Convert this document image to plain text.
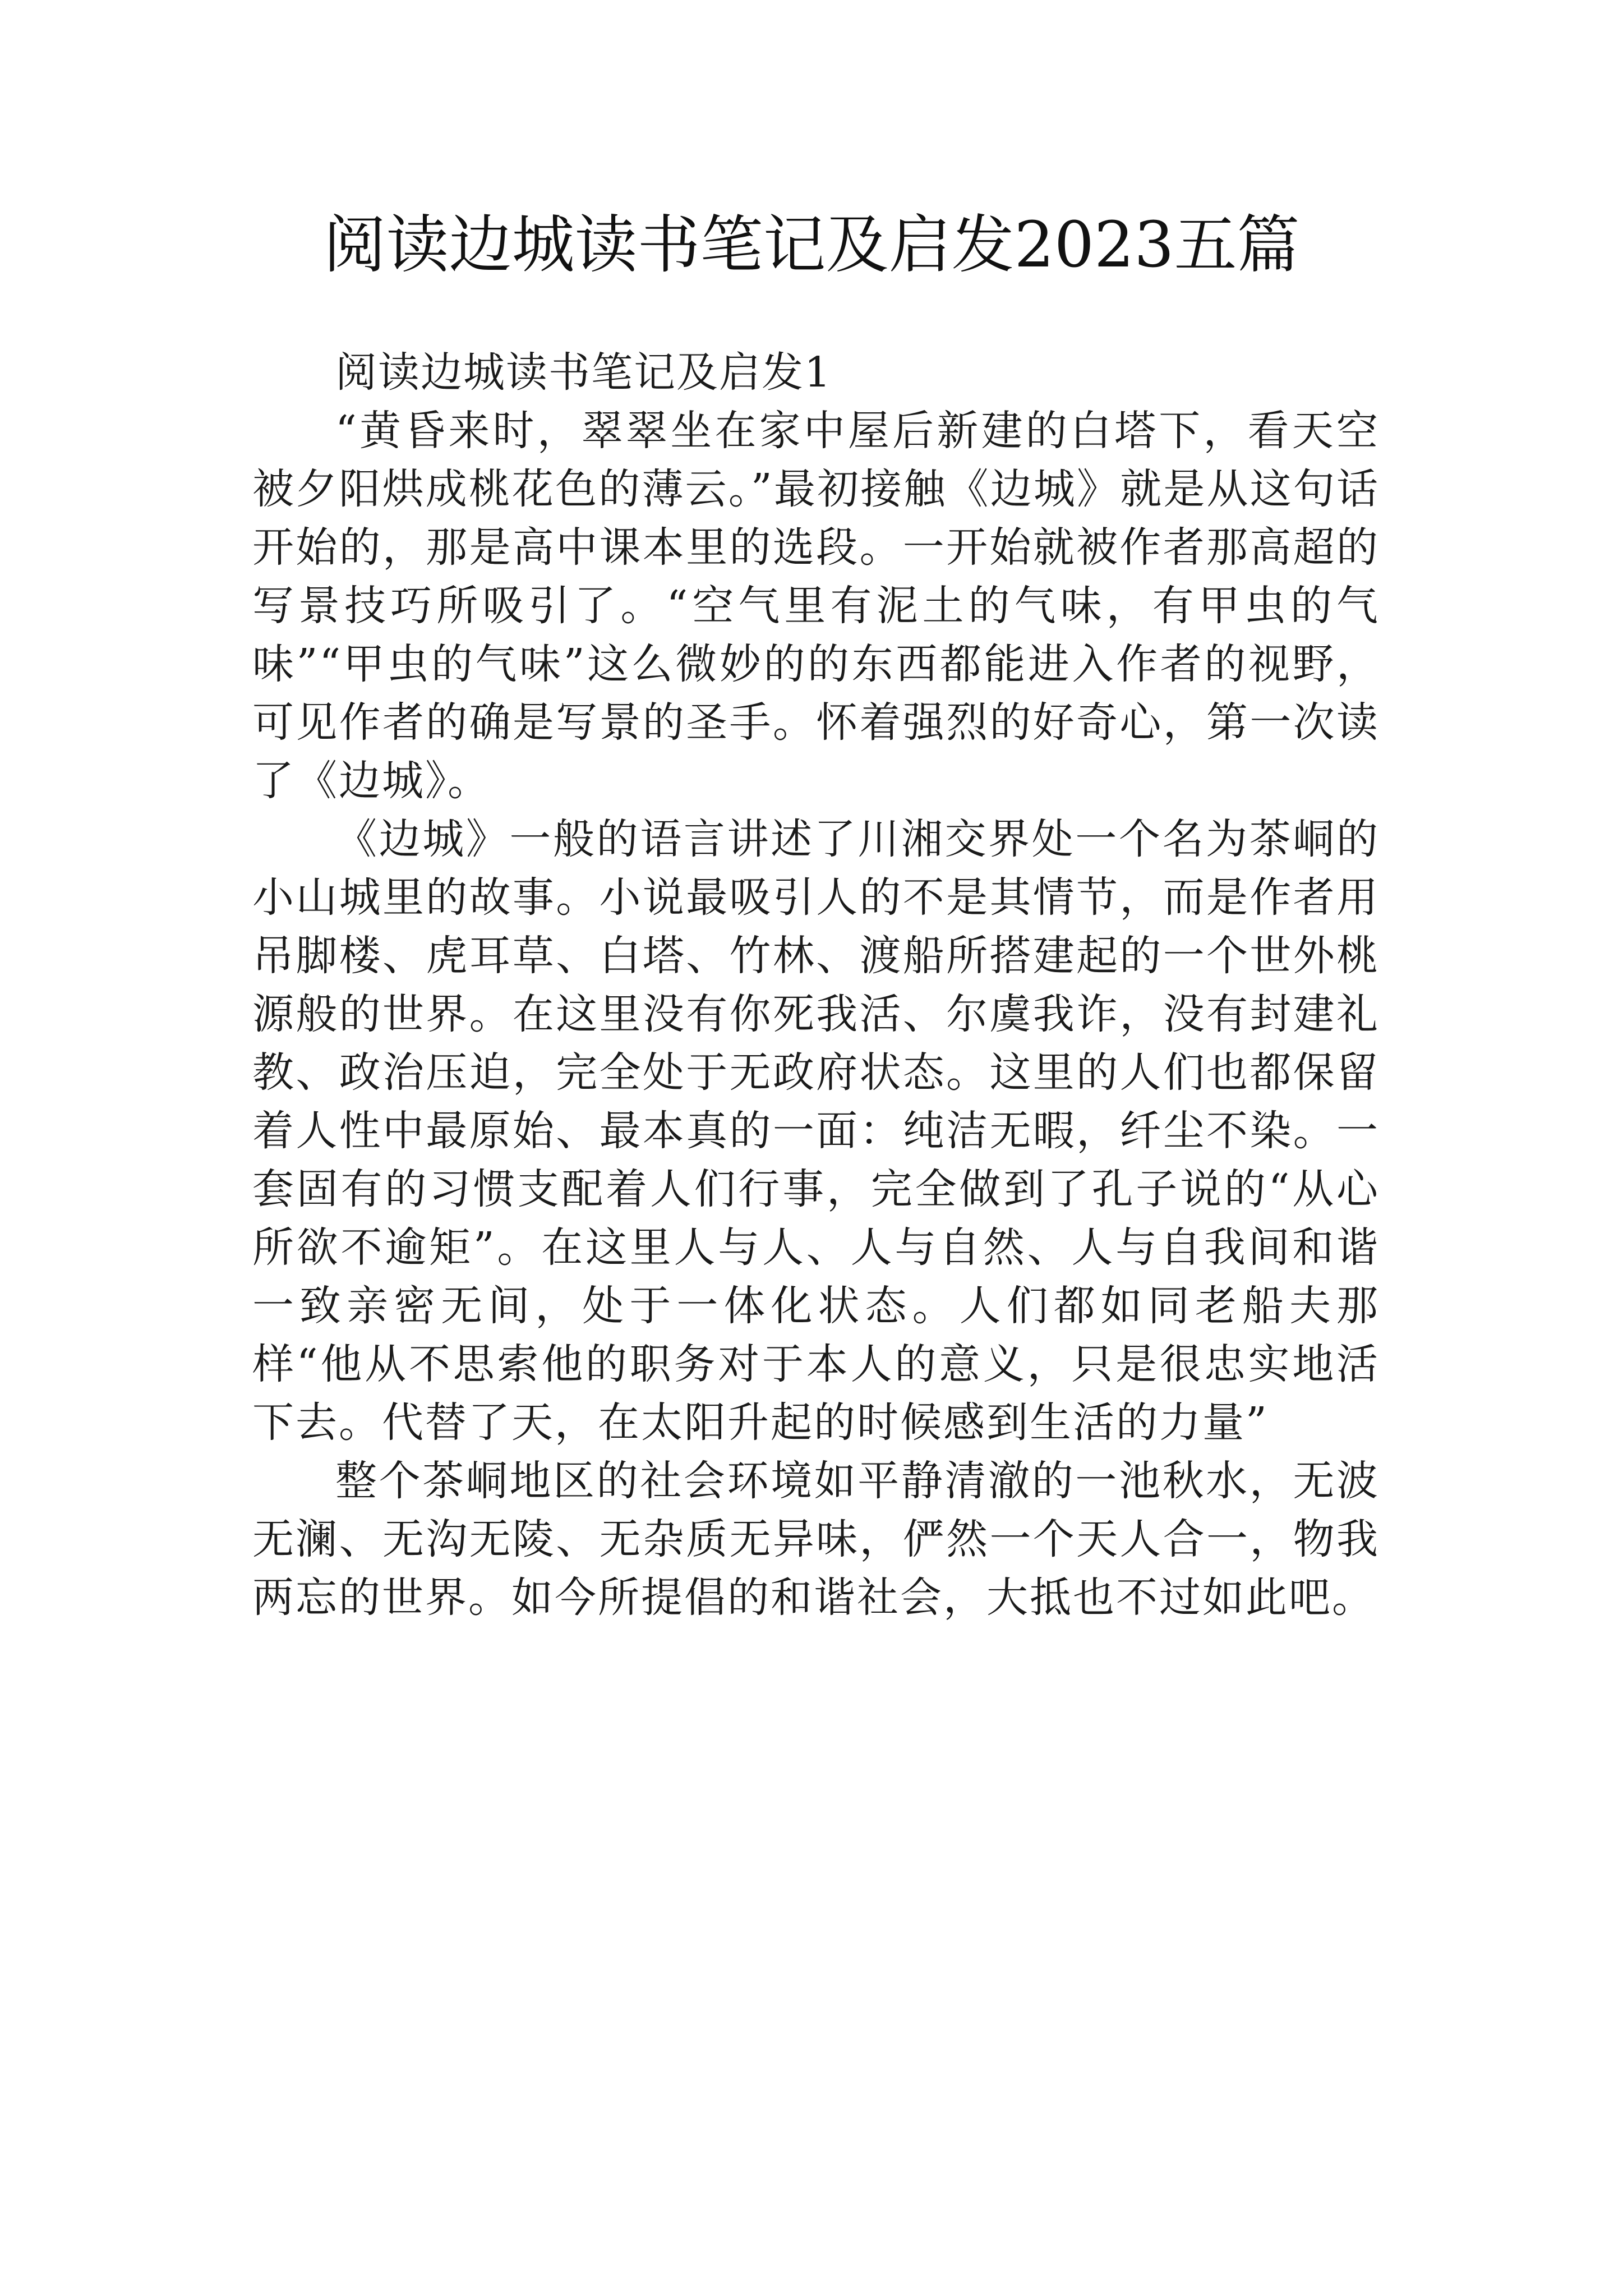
阅读边城读书笔记及启发2023五篇

阅读边城读书笔记及启发1

“黄昏来时，翠翠坐在家中屋后新建的白塔下，看天空被夕阳烘成桃花色的薄云。”最初接触《边城》就是从这句话开始的，那是高中课本里的选段。一开始就被作者那高超的写景技巧所吸引了。“空气里有泥土的气味，有甲虫的气味”“甲虫的气味”这么微妙的的东西都能进入作者的视野，可见作者的确是写景的圣手。怀着强烈的好奇心，第一次读了《边城》。

《边城》一般的语言讲述了川湘交界处一个名为茶峒的小山城里的故事。小说最吸引人的不是其情节，而是作者用吊脚楼、虎耳草、白塔、竹林、渡船所搭建起的一个世外桃源般的世界。在这里没有你死我活、尔虞我诈，没有封建礼教、政治压迫，完全处于无政府状态。这里的人们也都保留着人性中最原始、最本真的一面：纯洁无暇，纤尘不染。一套固有的习惯支配着人们行事，完全做到了孔子说的“从心所欲不逾矩”。在这里人与人、人与自然、人与自我间和谐一致亲密无间，处于一体化状态。人们都如同老船夫那样“他从不思索他的职务对于本人的意义，只是很忠实地活下去。代替了天，在太阳升起的时候感到生活的力量”

整个茶峒地区的社会环境如平静清澈的一池秋水，无波无澜、无沟无陵、无杂质无异味，俨然一个天人合一，物我两忘的世界。如今所提倡的和谐社会，大抵也不过如此吧。
